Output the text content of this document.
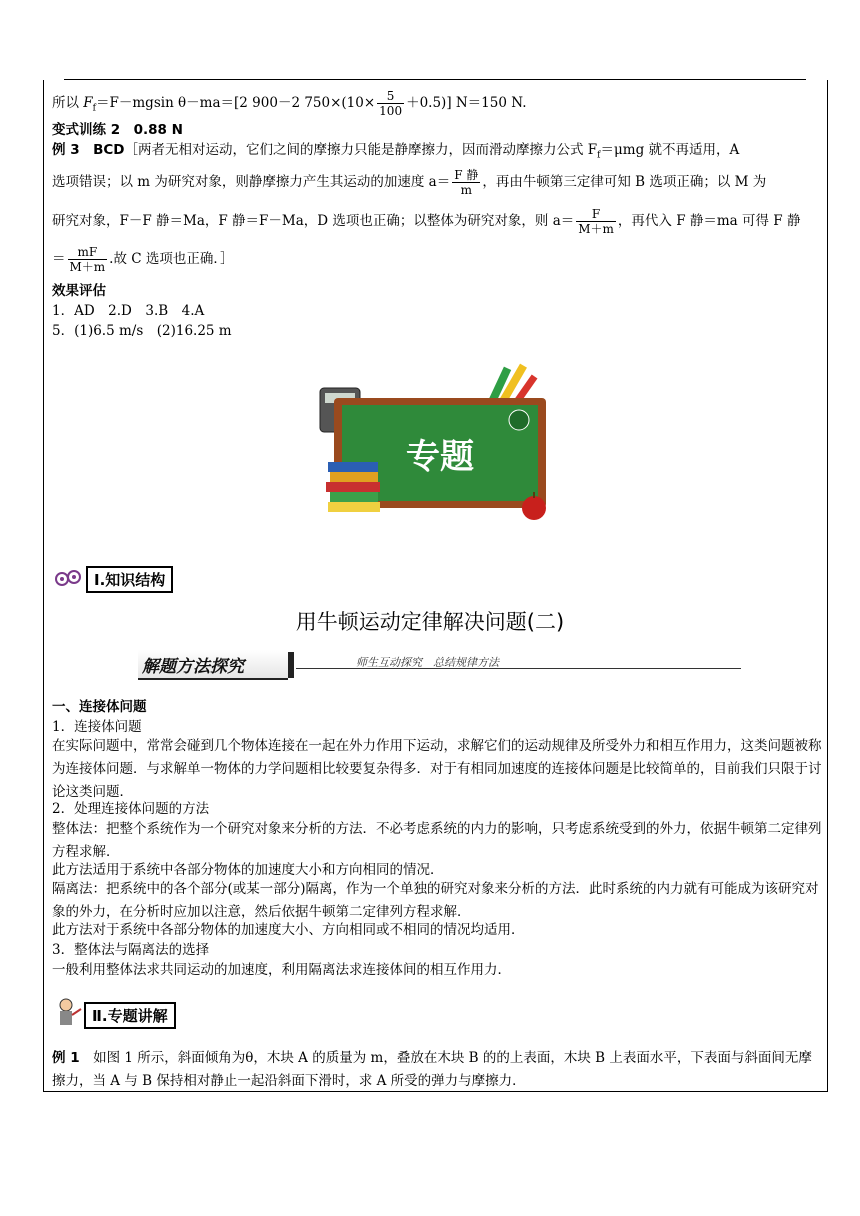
所以 $F_f=F-mgsin$ θ－ma＝[2 900－2 $750\times(10\times \frac{5}{100} +0.5)$] N＝150 N.
变式训练 2　0.88 N
例 3　BCD［两者无相对运动，它们之间的摩擦力只能是静摩擦力，因而滑动摩擦力公式 $F_f=\mu mg$ 就不再适用，A
选项错误；以 m 为研究对象，则静摩擦力产生其运动的加速度 $a= \frac{\text{F 静}}{m}$ ，再由牛顿第三定律可知 B 选项正确；以 M 为
研究对象，F－F 静＝Ma，F 静＝F－Ma，D 选项也正确；以整体为研究对象，则 $a= \frac{F}{M+m}$ ，再代入 F 静＝ma 可得 F 静
＝ $\frac{mF}{M+m}$ .故 C 选项也正确．］
效果评估
1．AD　2.D　3.B　4.A
5．(1)6.5 m/s　(2)16.25 m
专题
Ⅰ.知识结构
用牛顿运动定律解决问题(二)
解题方法探究	师生互动探究　总结规律方法
一、连接体问题
1．连接体问题
在实际问题中，常常会碰到几个物体连接在一起在外力作用下运动，求解它们的运动规律及所受外力和相互作用力，这类问题被称为连接体问题．与求解单一物体的力学问题相比较要复杂得多．对于有相同加速度的连接体问题是比较简单的，目前我们只限于讨论这类问题．
2．处理连接体问题的方法
整体法：把整个系统作为一个研究对象来分析的方法．不必考虑系统的内力的影响，只考虑系统受到的外力，依据牛顿第二定律列方程求解．
此方法适用于系统中各部分物体的加速度大小和方向相同的情况．
隔离法：把系统中的各个部分(或某一部分)隔离，作为一个单独的研究对象来分析的方法．此时系统的内力就有可能成为该研究对象的外力，在分析时应加以注意，然后依据牛顿第二定律列方程求解．
此方法对于系统中各部分物体的加速度大小、方向相同或不相同的情况均适用．
3．整体法与隔离法的选择
一般利用整体法求共同运动的加速度，利用隔离法求连接体间的相互作用力．
Ⅱ.专题讲解
例 1　如图 1 所示，斜面倾角为θ，木块 A 的质量为 m，叠放在木块 B 的的上表面，木块 B 上表面水平，下表面与斜面间无摩擦力，当 A 与 B 保持相对静止一起沿斜面下滑时，求 A 所受的弹力与摩擦力．
